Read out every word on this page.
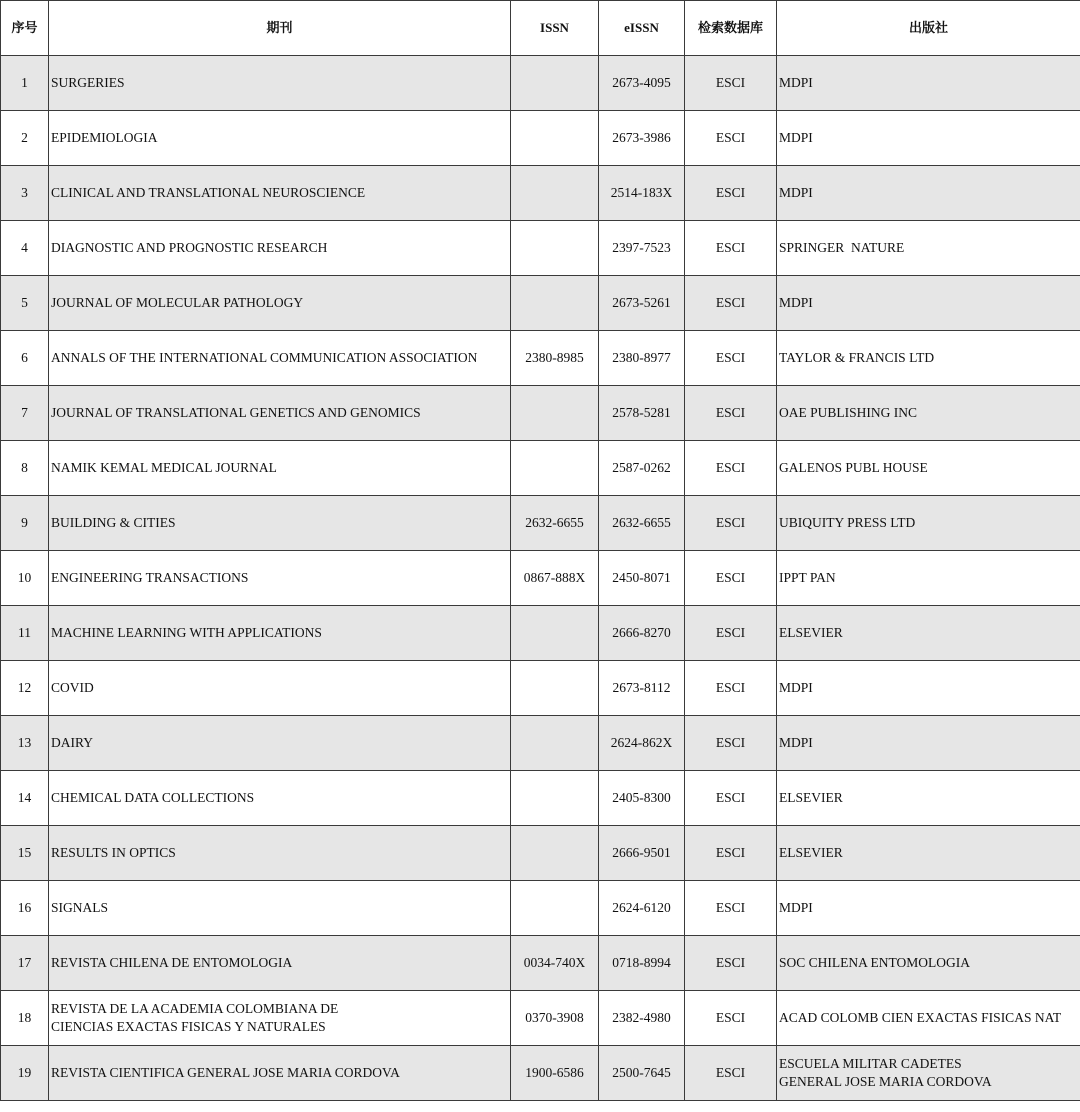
序号	期刊	ISSN	eISSN	检索数据库	出版社
1	SURGERIES		2673-4095	ESCI	MDPI
2	EPIDEMIOLOGIA		2673-3986	ESCI	MDPI
3	CLINICAL AND TRANSLATIONAL NEUROSCIENCE		2514-183X	ESCI	MDPI
4	DIAGNOSTIC AND PROGNOSTIC RESEARCH		2397-7523	ESCI	SPRINGER  NATURE
5	JOURNAL OF MOLECULAR PATHOLOGY		2673-5261	ESCI	MDPI
6	ANNALS OF THE INTERNATIONAL COMMUNICATION ASSOCIATION	2380-8985	2380-8977	ESCI	TAYLOR & FRANCIS LTD
7	JOURNAL OF TRANSLATIONAL GENETICS AND GENOMICS		2578-5281	ESCI	OAE PUBLISHING INC
8	NAMIK KEMAL MEDICAL JOURNAL		2587-0262	ESCI	GALENOS PUBL HOUSE
9	BUILDING & CITIES	2632-6655	2632-6655	ESCI	UBIQUITY PRESS LTD
10	ENGINEERING TRANSACTIONS	0867-888X	2450-8071	ESCI	IPPT PAN
11	MACHINE LEARNING WITH APPLICATIONS		2666-8270	ESCI	ELSEVIER
12	COVID		2673-8112	ESCI	MDPI
13	DAIRY		2624-862X	ESCI	MDPI
14	CHEMICAL DATA COLLECTIONS		2405-8300	ESCI	ELSEVIER
15	RESULTS IN OPTICS		2666-9501	ESCI	ELSEVIER
16	SIGNALS		2624-6120	ESCI	MDPI
17	REVISTA CHILENA DE ENTOMOLOGIA	0034-740X	0718-8994	ESCI	SOC CHILENA ENTOMOLOGIA
18	REVISTA DE LA ACADEMIA COLOMBIANA DE
CIENCIAS EXACTAS FISICAS Y NATURALES	0370-3908	2382-4980	ESCI	ACAD COLOMB CIEN EXACTAS FISICAS NAT
19	REVISTA CIENTIFICA GENERAL JOSE MARIA CORDOVA	1900-6586	2500-7645	ESCI	ESCUELA MILITAR CADETES
GENERAL JOSE MARIA CORDOVA
